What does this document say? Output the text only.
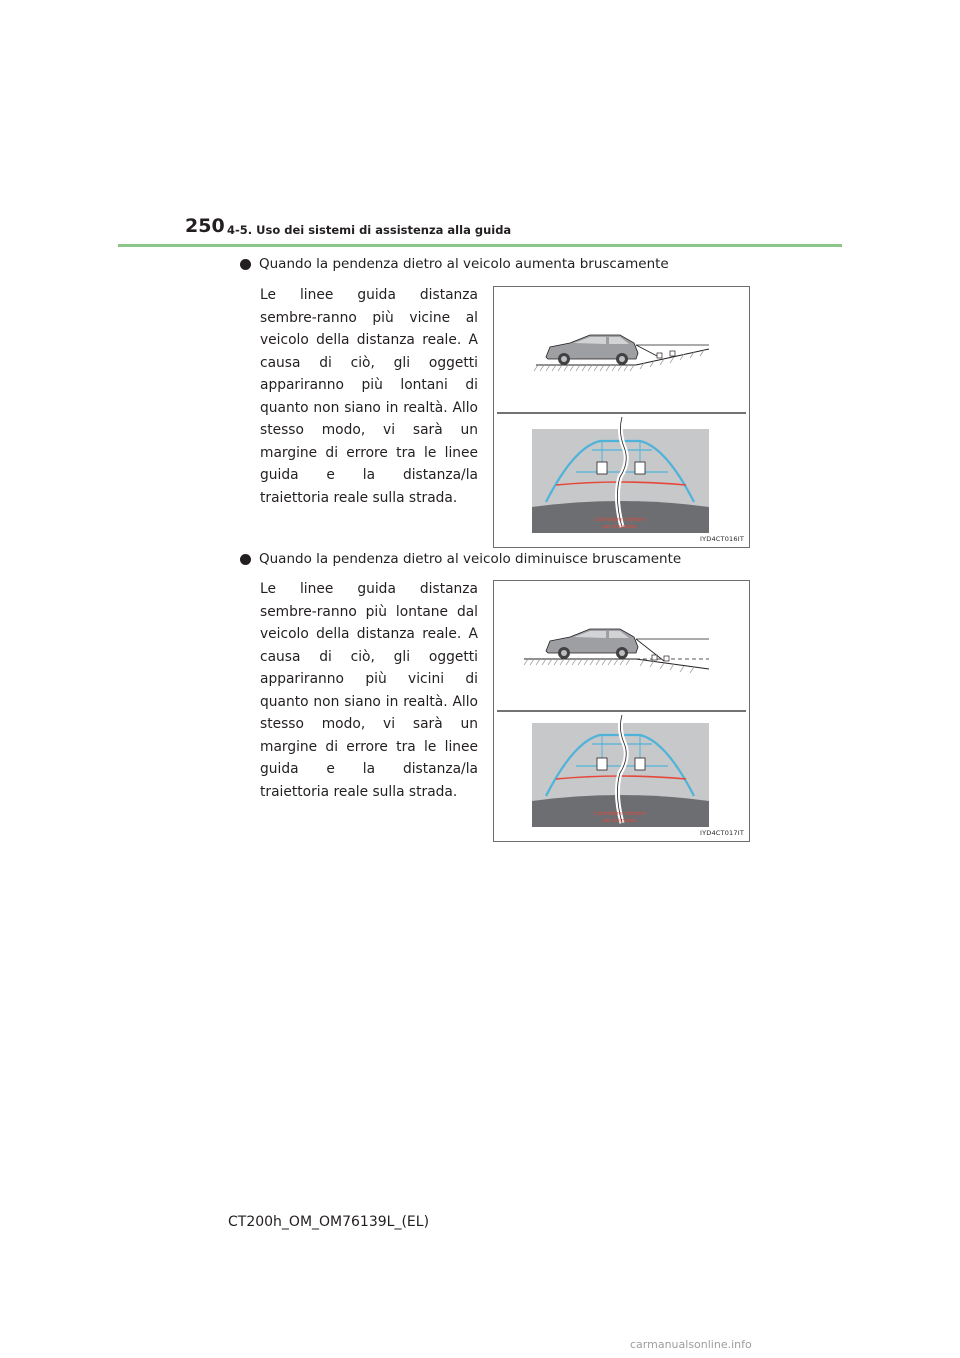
250 4-5. Uso dei sistemi di assistenza alla guida
Quando la pendenza dietro al veicolo aumenta bruscamente
Le linee guida distanza sembre-ranno più vicine al veicolo della distanza reale. A causa di ciò, gli oggetti appariranno più lontani di quanto non siano in realtà. Allo stesso modo, vi sarà un margine di errore tra le linee guida e la distanza/la traiettoria reale sulla strada.
Controllare i dintorni
per sicurezza.
IYD4CT016IT
Quando la pendenza dietro al veicolo diminuisce bruscamente
Le linee guida distanza sembre-ranno più lontane dal veicolo della distanza reale. A causa di ciò, gli oggetti appariranno più vicini di quanto non siano in realtà. Allo stesso modo, vi sarà un margine di errore tra le linee guida e la distanza/la traiettoria reale sulla strada.
Controllare i dintorni
per sicurezza.
IYD4CT017IT
CT200h_OM_OM76139L_(EL)
carmanualsonline.info
